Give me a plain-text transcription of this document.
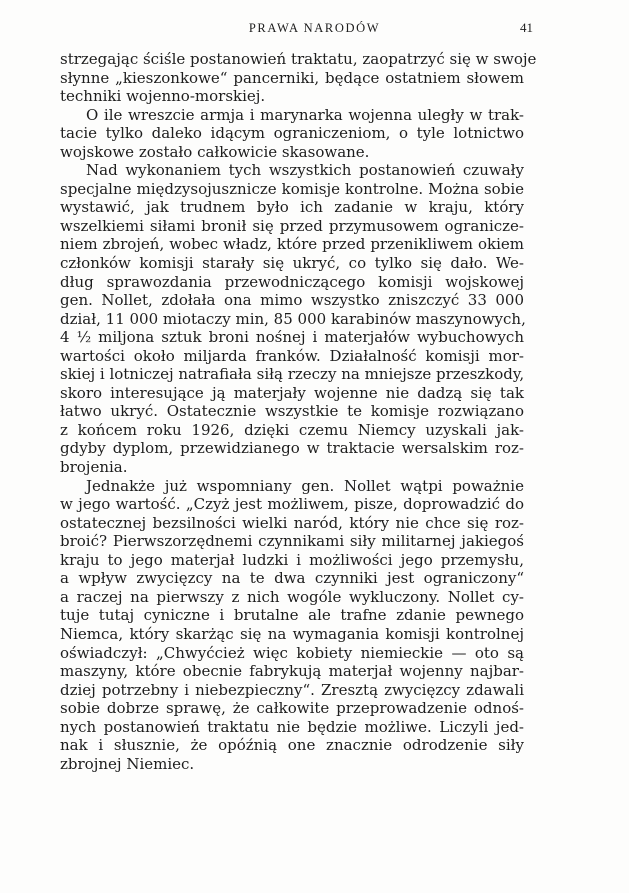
PRAWA NARODÓW	41
strzegając ściśle postanowień traktatu, zaopatrzyć się w swoje
słynne „kieszonkowe“ pancerniki, będące ostatniem słowem
techniki wojenno-morskiej.
O ile wreszcie armja i marynarka wojenna uległy w trak-
tacie tylko daleko idącym ograniczeniom, o tyle lotnictwo
wojskowe zostało całkowicie skasowane.
Nad wykonaniem tych wszystkich postanowień czuwały
specjalne międzysojusznicze komisje kontrolne. Można sobie
wystawić, jak trudnem było ich zadanie w kraju, który
wszelkiemi siłami bronił się przed przymusowem ogranicze-
niem zbrojeń, wobec władz, które przed przenikliwem okiem
członków komisji starały się ukryć, co tylko się dało. We-
dług sprawozdania przewodniczącego komisji wojskowej
gen. Nollet, zdołała ona mimo wszystko zniszczyć 33 000
dział, 11 000 miotaczy min, 85 000 karabinów maszynowych,
4 ½ miljona sztuk broni nośnej i materjałów wybuchowych
wartości około miljarda franków. Działalność komisji mor-
skiej i lotniczej natrafiała siłą rzeczy na mniejsze przeszkody,
skoro interesujące ją materjały wojenne nie dadzą się tak
łatwo ukryć. Ostatecznie wszystkie te komisje rozwiązano
z końcem roku 1926, dzięki czemu Niemcy uzyskali jak-
gdyby dyplom, przewidzianego w traktacie wersalskim roz-
brojenia.
Jednakże już wspomniany gen. Nollet wątpi poważnie
w jego wartość. „Czyż jest możliwem, pisze, doprowadzić do
ostatecznej bezsilności wielki naród, który nie chce się roz-
broić? Pierwszorzędnemi czynnikami siły militarnej jakiegoś
kraju to jego materjał ludzki i możliwości jego przemysłu,
a wpływ zwycięzcy na te dwa czynniki jest ograniczony“
a raczej na pierwszy z nich wogóle wykluczony. Nollet cy-
tuje tutaj cyniczne i brutalne ale trafne zdanie pewnego
Niemca, który skarżąc się na wymagania komisji kontrolnej
oświadczył: „Chwyćcież więc kobiety niemieckie — oto są
maszyny, które obecnie fabrykują materjał wojenny najbar-
dziej potrzebny i niebezpieczny“. Zresztą zwycięzcy zdawali
sobie dobrze sprawę, że całkowite przeprowadzenie odnoś-
nych postanowień traktatu nie będzie możliwe. Liczyli jed-
nak i słusznie, że opóźnią one znacznie odrodzenie siły
zbrojnej Niemiec.
